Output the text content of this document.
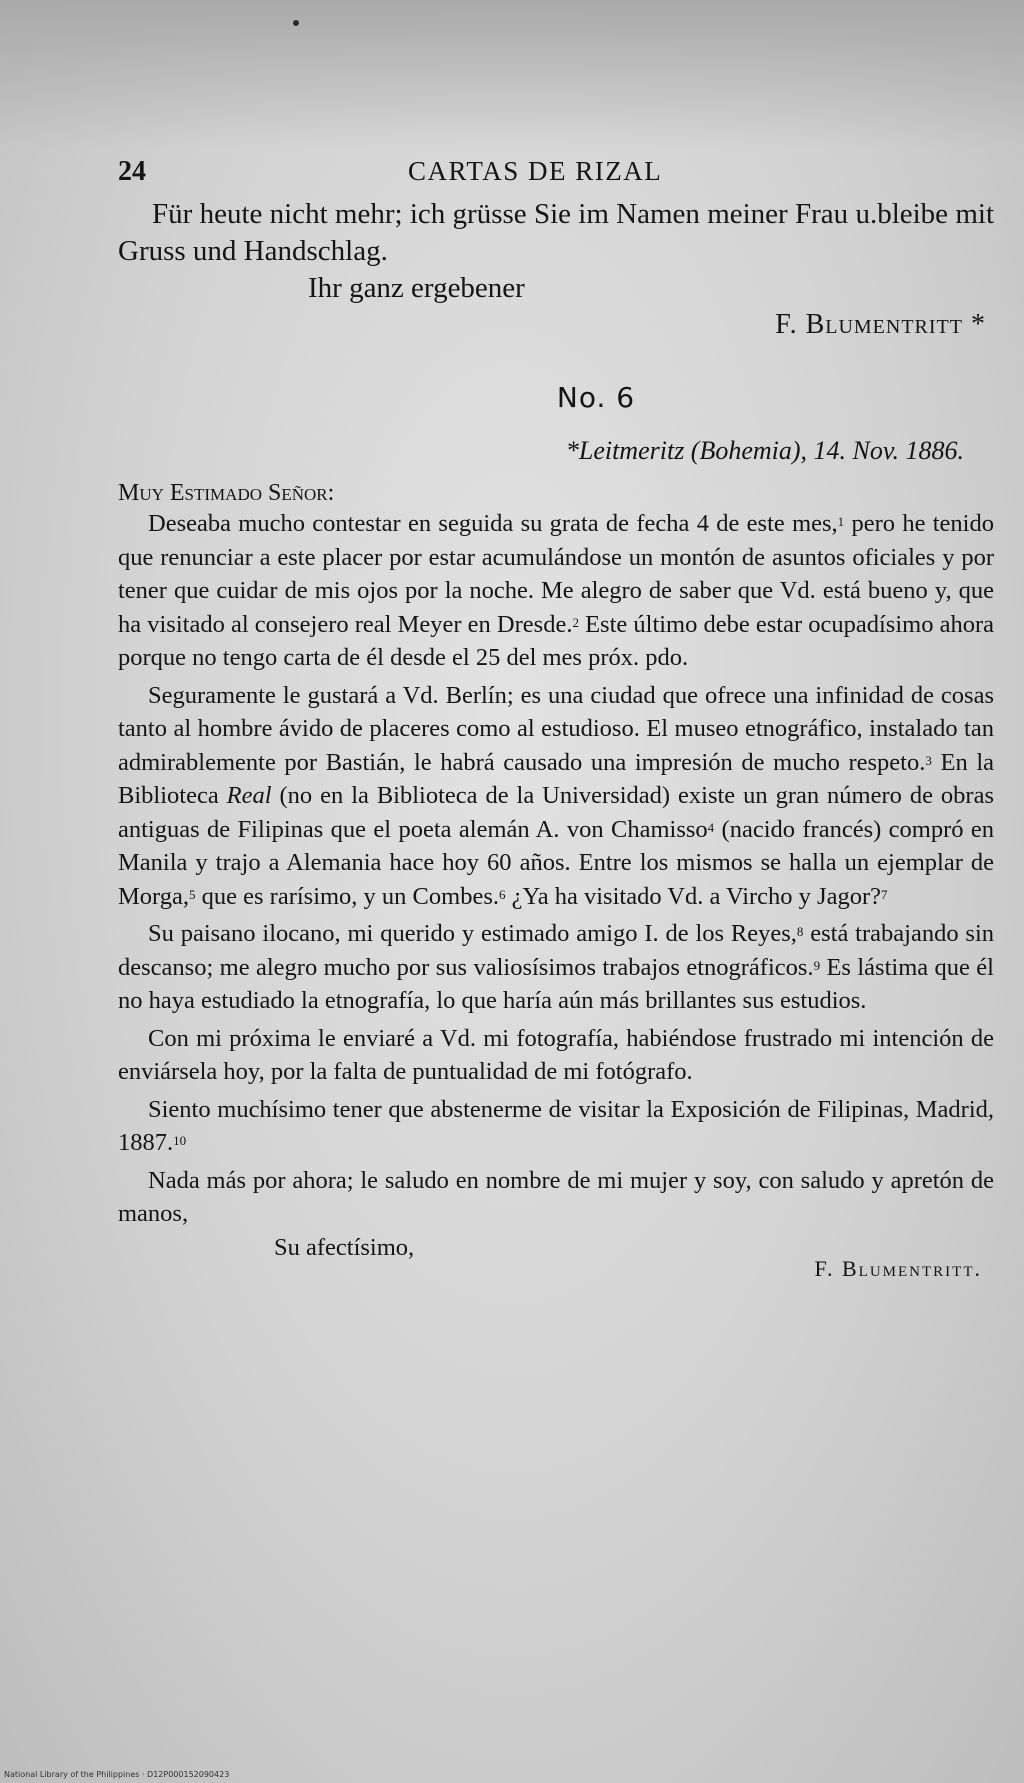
24	CARTAS DE RIZAL

Für heute nicht mehr; ich grüsse Sie im Namen meiner Frau u.bleibe mit Gruss und Handschlag.

Ihr ganz ergebener

F. Blumentritt *

No. 6

*Leitmeritz (Bohemia), 14. Nov. 1886.

Muy Estimado Señor:

Deseaba mucho contestar en seguida su grata de fecha 4 de este mes,$^1$ pero he tenido que renunciar a este placer por estar acumulándose un montón de asuntos oficiales y por tener que cuidar de mis ojos por la noche. Me alegro de saber que Vd. está bueno y, que ha visitado al consejero real Meyer en Dresde.$^2$ Este último debe estar ocupadísimo ahora porque no tengo carta de él desde el 25 del mes próx. pdo.

Seguramente le gustará a Vd. Berlín; es una ciudad que ofrece una infinidad de cosas tanto al hombre ávido de placeres como al estudioso. El museo etnográfico, instalado tan admirablemente por Bastián, le habrá causado una impresión de mucho respeto.$^3$ En la Biblioteca Real (no en la Biblioteca de la Universidad) existe un gran número de obras antiguas de Filipinas que el poeta alemán A. von Chamisso$^4$ (nacido francés) compró en Manila y trajo a Alemania hace hoy 60 años. Entre los mismos se halla un ejemplar de Morga,$^5$ que es rarísimo, y un Combes.$^6$ ¿Ya ha visitado Vd. a Vircho y Jagor?$^7$

Su paisano ilocano, mi querido y estimado amigo I. de los Reyes,$^8$ está trabajando sin descanso; me alegro mucho por sus valiosísimos trabajos etnográficos.$^9$ Es lástima que él no haya estudiado la etnografía, lo que haría aún más brillantes sus estudios.

Con mi próxima le enviaré a Vd. mi fotografía, habiéndose frustrado mi intención de enviársela hoy, por la falta de puntualidad de mi fotógrafo.

Siento muchísimo tener que abstenerme de visitar la Exposición de Filipinas, Madrid, 1887.10

Nada más por ahora; le saludo en nombre de mi mujer y soy, con saludo y apretón de manos,

Su afectísimo,

F. Blumentritt.

National Library of the Philippines · D12P000152090423
